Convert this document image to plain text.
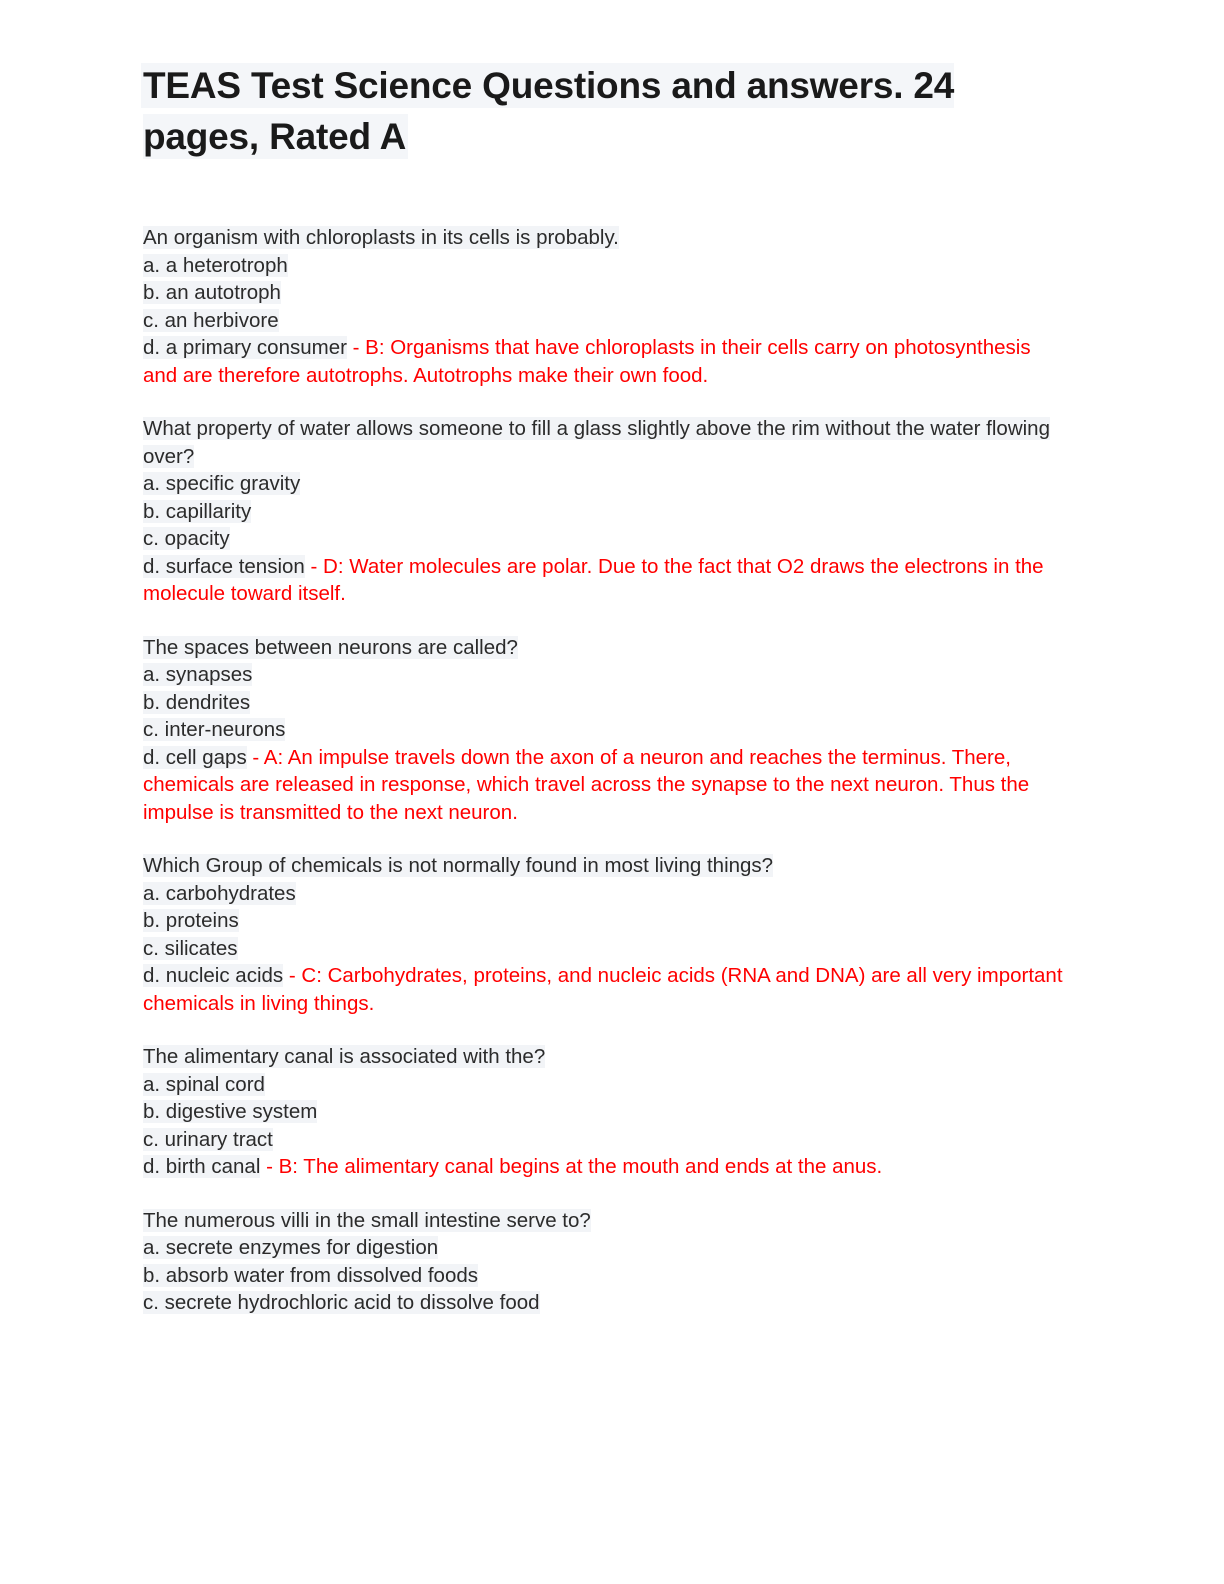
TEAS Test Science Questions and answers. 24 pages, Rated A
An organism with chloroplasts in its cells is probably.
a. a heterotroph
b. an autotroph
c. an herbivore
d. a primary consumer - B: Organisms that have chloroplasts in their cells carry on photosynthesis and are therefore autotrophs. Autotrophs make their own food.
What property of water allows someone to fill a glass slightly above the rim without the water flowing over?
a. specific gravity
b. capillarity
c. opacity
d. surface tension - D: Water molecules are polar. Due to the fact that O2 draws the electrons in the molecule toward itself.
The spaces between neurons are called?
a. synapses
b. dendrites
c. inter-neurons
d. cell gaps - A: An impulse travels down the axon of a neuron and reaches the terminus. There, chemicals are released in response, which travel across the synapse to the next neuron. Thus the impulse is transmitted to the next neuron.
Which Group of chemicals is not normally found in most living things?
a. carbohydrates
b. proteins
c. silicates
d. nucleic acids - C: Carbohydrates, proteins, and nucleic acids (RNA and DNA) are all very important chemicals in living things.
The alimentary canal is associated with the?
a. spinal cord
b. digestive system
c. urinary tract
d. birth canal - B: The alimentary canal begins at the mouth and ends at the anus.
The numerous villi in the small intestine serve to?
a. secrete enzymes for digestion
b. absorb water from dissolved foods
c. secrete hydrochloric acid to dissolve food
